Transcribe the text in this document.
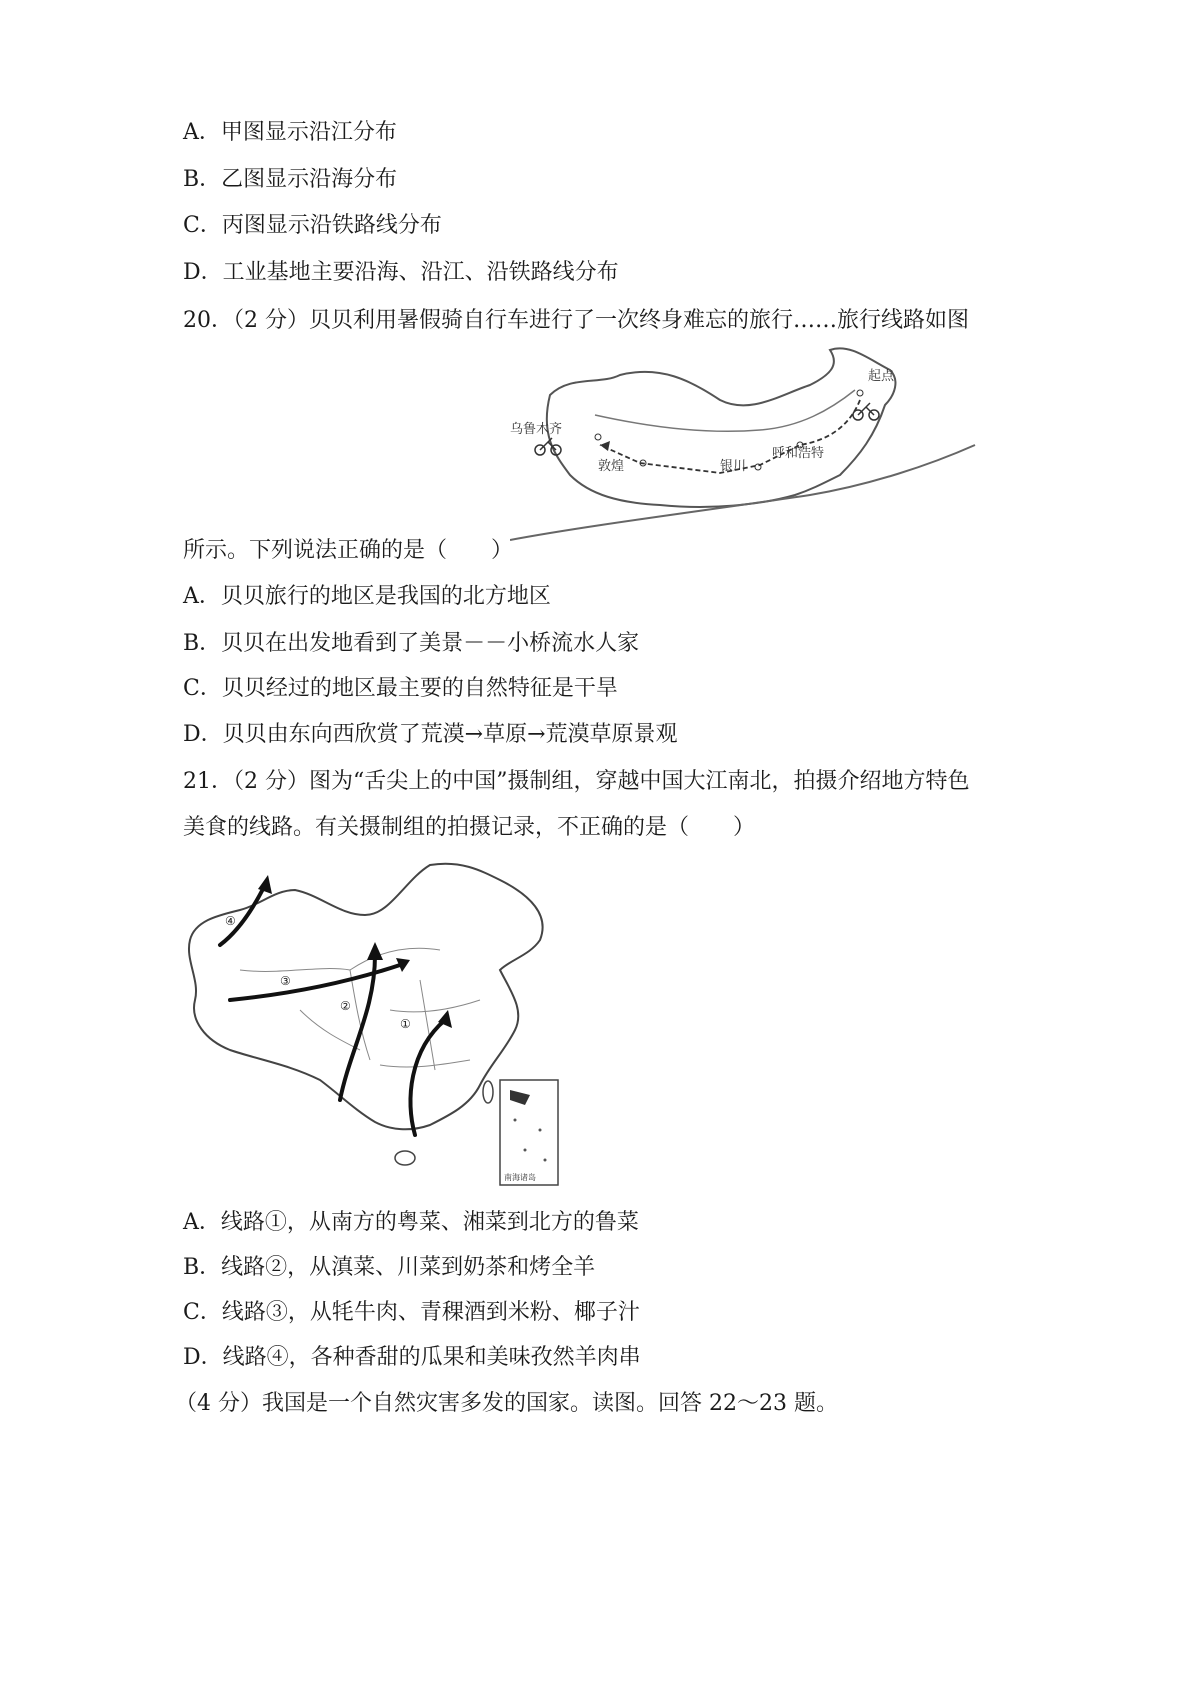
A．甲图显示沿江分布
B．乙图显示沿海分布
C．丙图显示沿铁路线分布
D．工业基地主要沿海、沿江、沿铁路线分布
20．（2 分）贝贝利用暑假骑自行车进行了一次终身难忘的旅行……旅行线路如图
起点
乌鲁木齐
敦煌	银川
呼和浩特
所示。下列说法正确的是（　　）
A．贝贝旅行的地区是我国的北方地区
B．贝贝在出发地看到了美景－－小桥流水人家
C．贝贝经过的地区最主要的自然特征是干旱
D．贝贝由东向西欣赏了荒漠→草原→荒漠草原景观
21．（2 分）图为“舌尖上的中国”摄制组，穿越中国大江南北，拍摄介绍地方特色
美食的线路。有关摄制组的拍摄记录，不正确的是（　　）
①
②
③
④
南海诸岛
A．线路①，从南方的粤菜、湘菜到北方的鲁菜
B．线路②，从滇菜、川菜到奶茶和烤全羊
C．线路③，从牦牛肉、青稞酒到米粉、椰子汁
D．线路④，各种香甜的瓜果和美味孜然羊肉串
（4 分）我国是一个自然灾害多发的国家。读图。回答 22～23 题。
